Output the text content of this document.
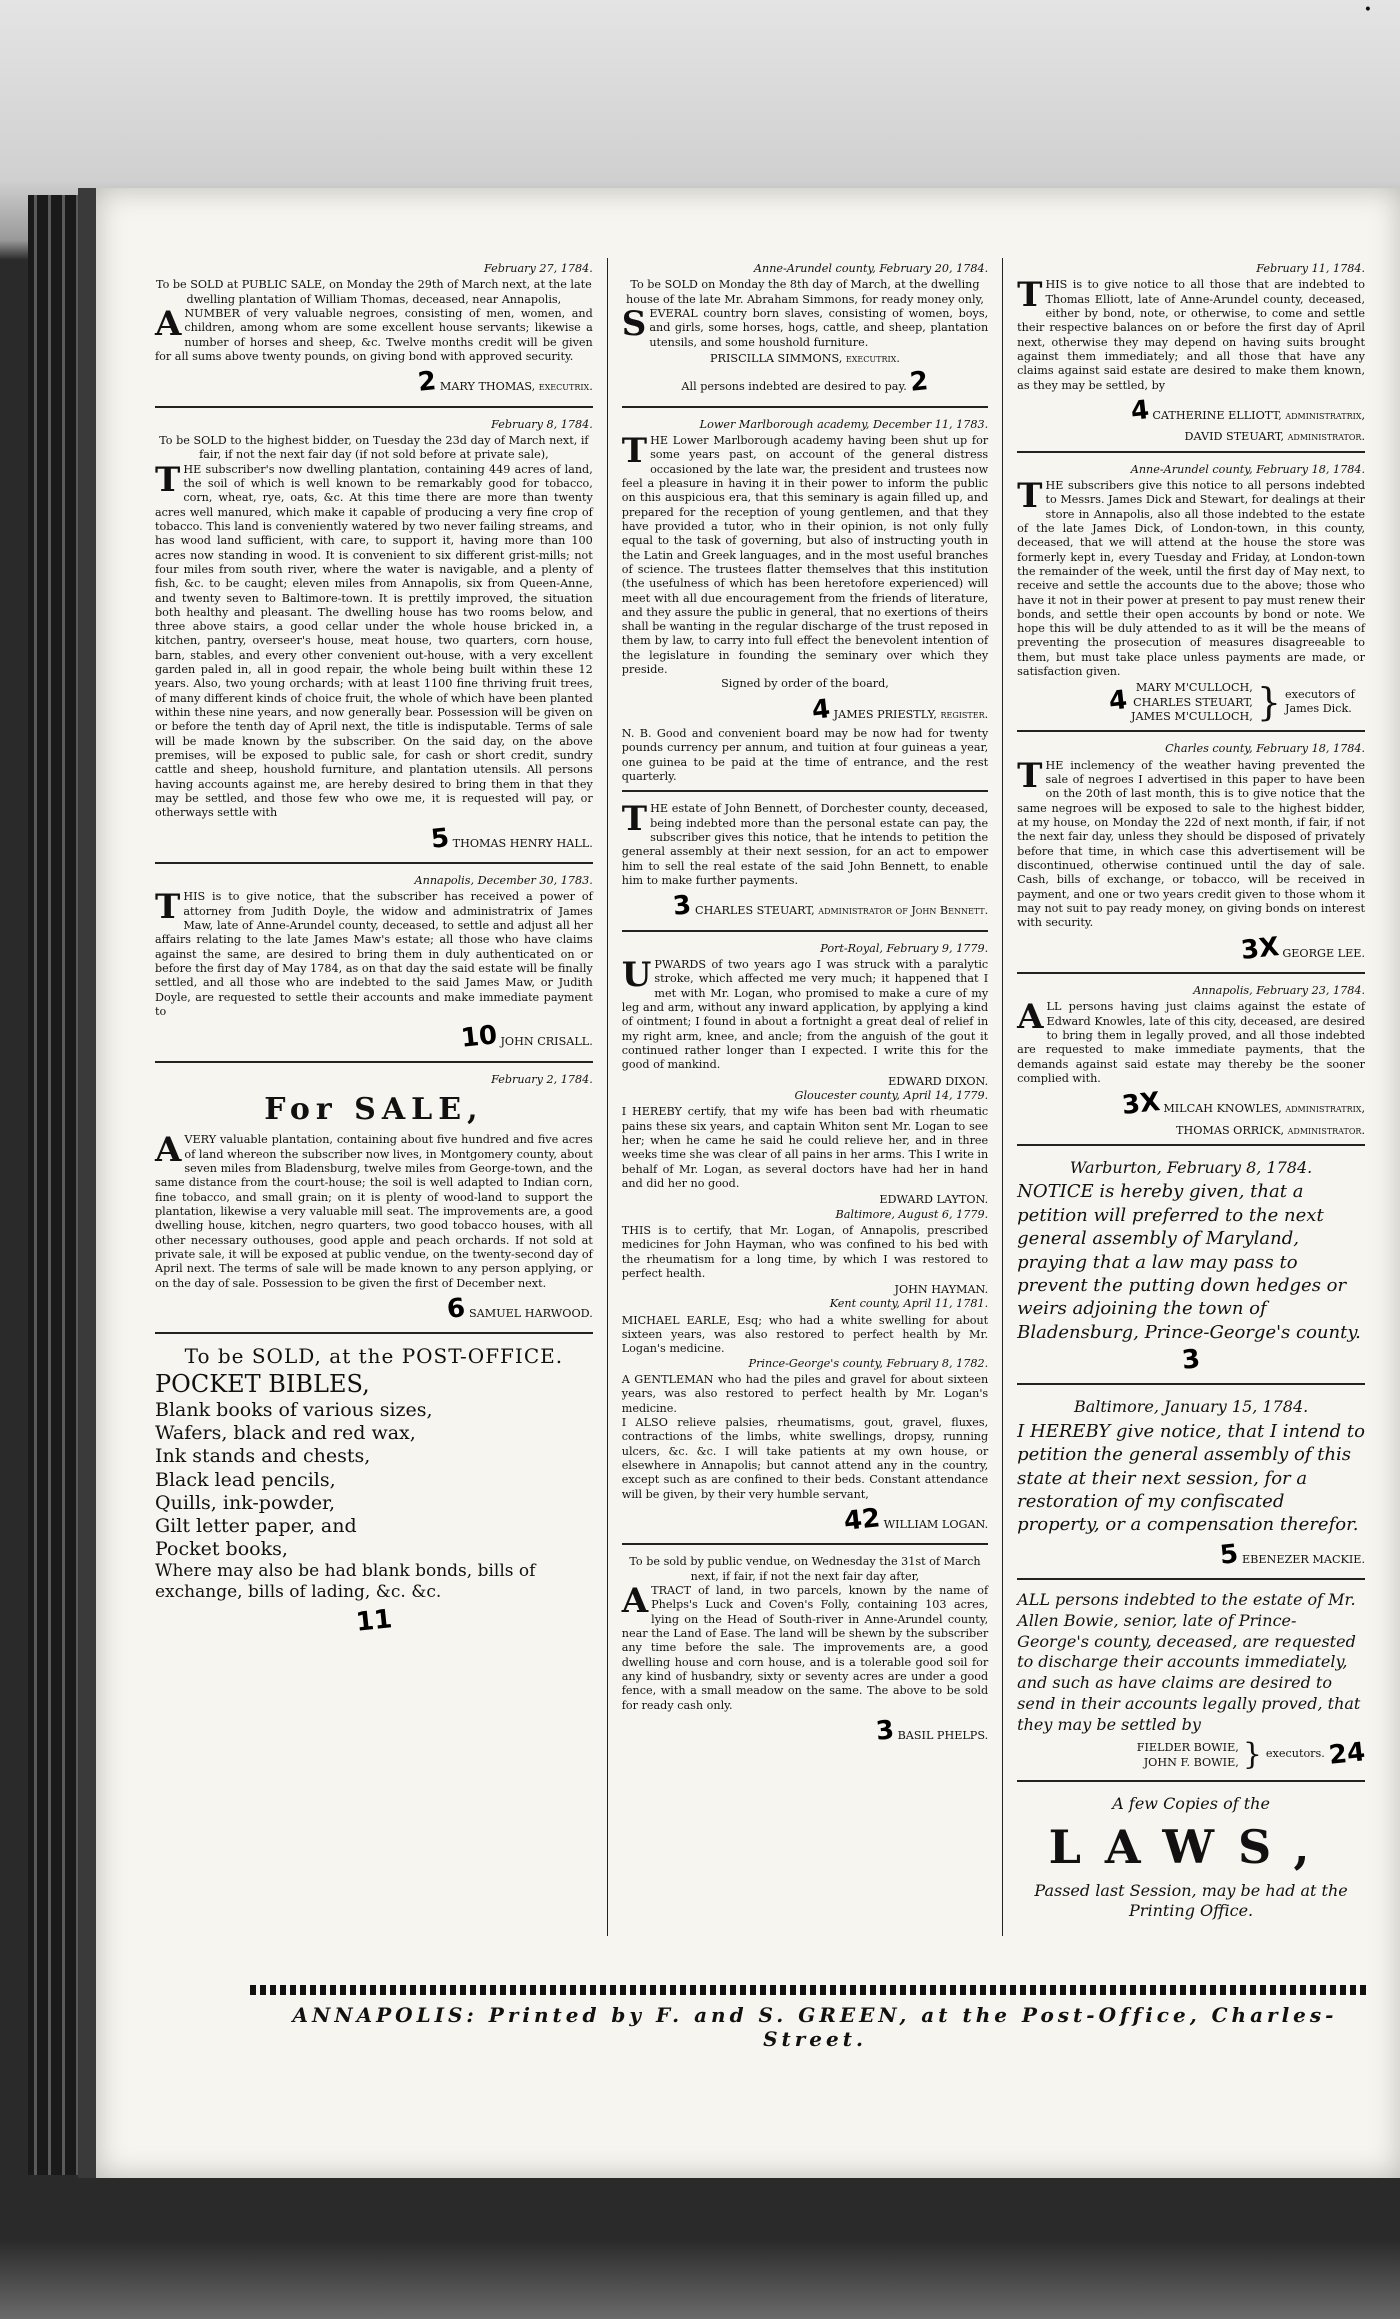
•
February 27, 1784.
To be SOLD at PUBLIC SALE, on Monday the 29th of March next, at the late dwelling plantation of William Thomas, deceased, near Annapolis,
ANUMBER of very valuable negroes, consisting of men, women, and children, among whom are some excellent house servants; likewise a number of horses and sheep, &c. Twelve months credit will be given for all sums above twenty pounds, on giving bond with approved security.
2 MARY THOMAS, executrix.
February 8, 1784.
To be SOLD to the highest bidder, on Tuesday the 23d day of March next, if fair, if not the next fair day (if not sold before at private sale),
THE subscriber's now dwelling plantation, containing 449 acres of land, the soil of which is well known to be remarkably good for tobacco, corn, wheat, rye, oats, &c. At this time there are more than twenty acres well manured, which make it capable of producing a very fine crop of tobacco. This land is conveniently watered by two never failing streams, and has wood land sufficient, with care, to support it, having more than 100 acres now standing in wood. It is convenient to six different grist-mills; not four miles from south river, where the water is navigable, and a plenty of fish, &c. to be caught; eleven miles from Annapolis, six from Queen-Anne, and twenty seven to Baltimore-town. It is prettily improved, the situation both healthy and pleasant. The dwelling house has two rooms below, and three above stairs, a good cellar under the whole house bricked in, a kitchen, pantry, overseer's house, meat house, two quarters, corn house, barn, stables, and every other convenient out-house, with a very excellent garden paled in, all in good repair, the whole being built within these 12 years. Also, two young orchards; with at least 1100 fine thriving fruit trees, of many different kinds of choice fruit, the whole of which have been planted within these nine years, and now generally bear. Possession will be given on or before the tenth day of April next, the title is indisputable. Terms of sale will be made known by the subscriber. On the said day, on the above premises, will be exposed to public sale, for cash or short credit, sundry cattle and sheep, houshold furniture, and plantation utensils. All persons having accounts against me, are hereby desired to bring them in that they may be settled, and those few who owe me, it is requested will pay, or otherways settle with
5 THOMAS HENRY HALL.
Annapolis, December 30, 1783.
THIS is to give notice, that the subscriber has received a power of attorney from Judith Doyle, the widow and administratrix of James Maw, late of Anne-Arundel county, deceased, to settle and adjust all her affairs relating to the late James Maw's estate; all those who have claims against the same, are desired to bring them in duly authenticated on or before the first day of May 1784, as on that day the said estate will be finally settled, and all those who are indebted to the said James Maw, or Judith Doyle, are requested to settle their accounts and make immediate payment to
10 JOHN CRISALL.
February 2, 1784.
For SALE,
AVERY valuable plantation, containing about five hundred and five acres of land whereon the subscriber now lives, in Montgomery county, about seven miles from Bladensburg, twelve miles from George-town, and the same distance from the court-house; the soil is well adapted to Indian corn, fine tobacco, and small grain; on it is plenty of wood-land to support the plantation, likewise a very valuable mill seat. The improvements are, a good dwelling house, kitchen, negro quarters, two good tobacco houses, with all other necessary outhouses, good apple and peach orchards. If not sold at private sale, it will be exposed at public vendue, on the twenty-second day of April next. The terms of sale will be made known to any person applying, or on the day of sale. Possession to be given the first of December next.
6 SAMUEL HARWOOD.
To be SOLD, at the POST-OFFICE.
POCKET BIBLES,
Blank books of various sizes,
Wafers, black and red wax,
Ink stands and chests,
Black lead pencils,
Quills, ink-powder,
Gilt letter paper, and
Pocket books,
Where may also be had blank bonds, bills of exchange, bills of lading, &c. &c.
11
Anne-Arundel county, February 20, 1784.
To be SOLD on Monday the 8th day of March, at the dwelling house of the late Mr. Abraham Simmons, for ready money only,
SEVERAL country born slaves, consisting of women, boys, and girls, some horses, hogs, cattle, and sheep, plantation utensils, and some houshold furniture.
PRISCILLA SIMMONS, executrix.
All persons indebted are desired to pay. 2
Lower Marlborough academy, December 11, 1783.
THE Lower Marlborough academy having been shut up for some years past, on account of the general distress occasioned by the late war, the president and trustees now feel a pleasure in having it in their power to inform the public on this auspicious era, that this seminary is again filled up, and prepared for the reception of young gentlemen, and that they have provided a tutor, who in their opinion, is not only fully equal to the task of governing, but also of instructing youth in the Latin and Greek languages, and in the most useful branches of science. The trustees flatter themselves that this institution (the usefulness of which has been heretofore experienced) will meet with all due encouragement from the friends of literature, and they assure the public in general, that no exertions of theirs shall be wanting in the regular discharge of the trust reposed in them by law, to carry into full effect the benevolent intention of the legislature in founding the seminary over which they preside.
Signed by order of the board,
4 JAMES PRIESTLY, register.
N. B. Good and convenient board may be now had for twenty pounds currency per annum, and tuition at four guineas a year, one guinea to be paid at the time of entrance, and the rest quarterly.
THE estate of John Bennett, of Dorchester county, deceased, being indebted more than the personal estate can pay, the subscriber gives this notice, that he intends to petition the general assembly at their next session, for an act to empower him to sell the real estate of the said John Bennett, to enable him to make further payments.
3 CHARLES STEUART, administrator of John Bennett.
Port-Royal, February 9, 1779.
UPWARDS of two years ago I was struck with a paralytic stroke, which affected me very much; it happened that I met with Mr. Logan, who promised to make a cure of my leg and arm, without any inward application, by applying a kind of ointment; I found in about a fortnight a great deal of relief in my right arm, knee, and ancle; from the anguish of the gout it continued rather longer than I expected. I write this for the good of mankind.
EDWARD DIXON.
Gloucester county, April 14, 1779.
I HEREBY certify, that my wife has been bad with rheumatic pains these six years, and captain Whiton sent Mr. Logan to see her; when he came he said he could relieve her, and in three weeks time she was clear of all pains in her arms. This I write in behalf of Mr. Logan, as several doctors have had her in hand and did her no good.
EDWARD LAYTON.
Baltimore, August 6, 1779.
THIS is to certify, that Mr. Logan, of Annapolis, prescribed medicines for John Hayman, who was confined to his bed with the rheumatism for a long time, by which I was restored to perfect health.
JOHN HAYMAN.
Kent county, April 11, 1781.
MICHAEL EARLE, Esq; who had a white swelling for about sixteen years, was also restored to perfect health by Mr. Logan's medicine.
Prince-George's county, February 8, 1782.
A GENTLEMAN who had the piles and gravel for about sixteen years, was also restored to perfect health by Mr. Logan's medicine.
I ALSO relieve palsies, rheumatisms, gout, gravel, fluxes, contractions of the limbs, white swellings, dropsy, running ulcers, &c. &c. I will take patients at my own house, or elsewhere in Annapolis; but cannot attend any in the country, except such as are confined to their beds. Constant attendance will be given, by their very humble servant,
42 WILLIAM LOGAN.
To be sold by public vendue, on Wednesday the 31st of March next, if fair, if not the next fair day after,
ATRACT of land, in two parcels, known by the name of Phelps's Luck and Coven's Folly, containing 103 acres, lying on the Head of South-river in Anne-Arundel county, near the Land of Ease. The land will be shewn by the subscriber any time before the sale. The improvements are, a good dwelling house and corn house, and is a tolerable good soil for any kind of husbandry, sixty or seventy acres are under a good fence, with a small meadow on the same. The above to be sold for ready cash only.
3 BASIL PHELPS.
February 11, 1784.
THIS is to give notice to all those that are indebted to Thomas Elliott, late of Anne-Arundel county, deceased, either by bond, note, or otherwise, to come and settle their respective balances on or before the first day of April next, otherwise they may depend on having suits brought against them immediately; and all those that have any claims against said estate are desired to make them known, as they may be settled, by
4 CATHERINE ELLIOTT, administratrix,
DAVID STEUART, administrator.
Anne-Arundel county, February 18, 1784.
THE subscribers give this notice to all persons indebted to Messrs. James Dick and Stewart, for dealings at their store in Annapolis, also all those indebted to the estate of the late James Dick, of London-town, in this county, deceased, that we will attend at the house the store was formerly kept in, every Tuesday and Friday, at London-town the remainder of the week, until the first day of May next, to receive and settle the accounts due to the above; those who have it not in their power at present to pay must renew their bonds, and settle their open accounts by bond or note. We hope this will be duly attended to as it will be the means of preventing the prosecution of measures disagreeable to them, but must take place unless payments are made, or satisfaction given.
4 MARY M'CULLOCH,
CHARLES STEUART,
JAMES M'CULLOCH, } executors of James Dick.
Charles county, February 18, 1784.
THE inclemency of the weather having prevented the sale of negroes I advertised in this paper to have been on the 20th of last month, this is to give notice that the same negroes will be exposed to sale to the highest bidder, at my house, on Monday the 22d of next month, if fair, if not the next fair day, unless they should be disposed of privately before that time, in which case this advertisement will be discontinued, otherwise continued until the day of sale. Cash, bills of exchange, or tobacco, will be received in payment, and one or two years credit given to those whom it may not suit to pay ready money, on giving bonds on interest with security.
3X GEORGE LEE.
Annapolis, February 23, 1784.
ALL persons having just claims against the estate of Edward Knowles, late of this city, deceased, are desired to bring them in legally proved, and all those indebted are requested to make immediate payments, that the demands against said estate may thereby be the sooner complied with.
3X MILCAH KNOWLES, administratrix,
THOMAS ORRICK, administrator.
Warburton, February 8, 1784.
NOTICE is hereby given, that a petition will preferred to the next general assembly of Maryland, praying that a law may pass to prevent the putting down hedges or weirs adjoining the town of Bladensburg, Prince-George's county.
3
Baltimore, January 15, 1784.
I HEREBY give notice, that I intend to petition the general assembly of this state at their next session, for a restoration of my confiscated property, or a compensation therefor.
5 EBENEZER MACKIE.
ALL persons indebted to the estate of Mr. Allen Bowie, senior, late of Prince-George's county, deceased, are requested to discharge their accounts immediately, and such as have claims are desired to send in their accounts legally proved, that they may be settled by
FIELDER BOWIE,
JOHN F. BOWIE, } executors. 24
A few Copies of the
LAWS,
Passed last Session, may be had at the Printing Office.
ANNAPOLIS: Printed by F. and S. GREEN, at the Post-Office, Charles-Street.
